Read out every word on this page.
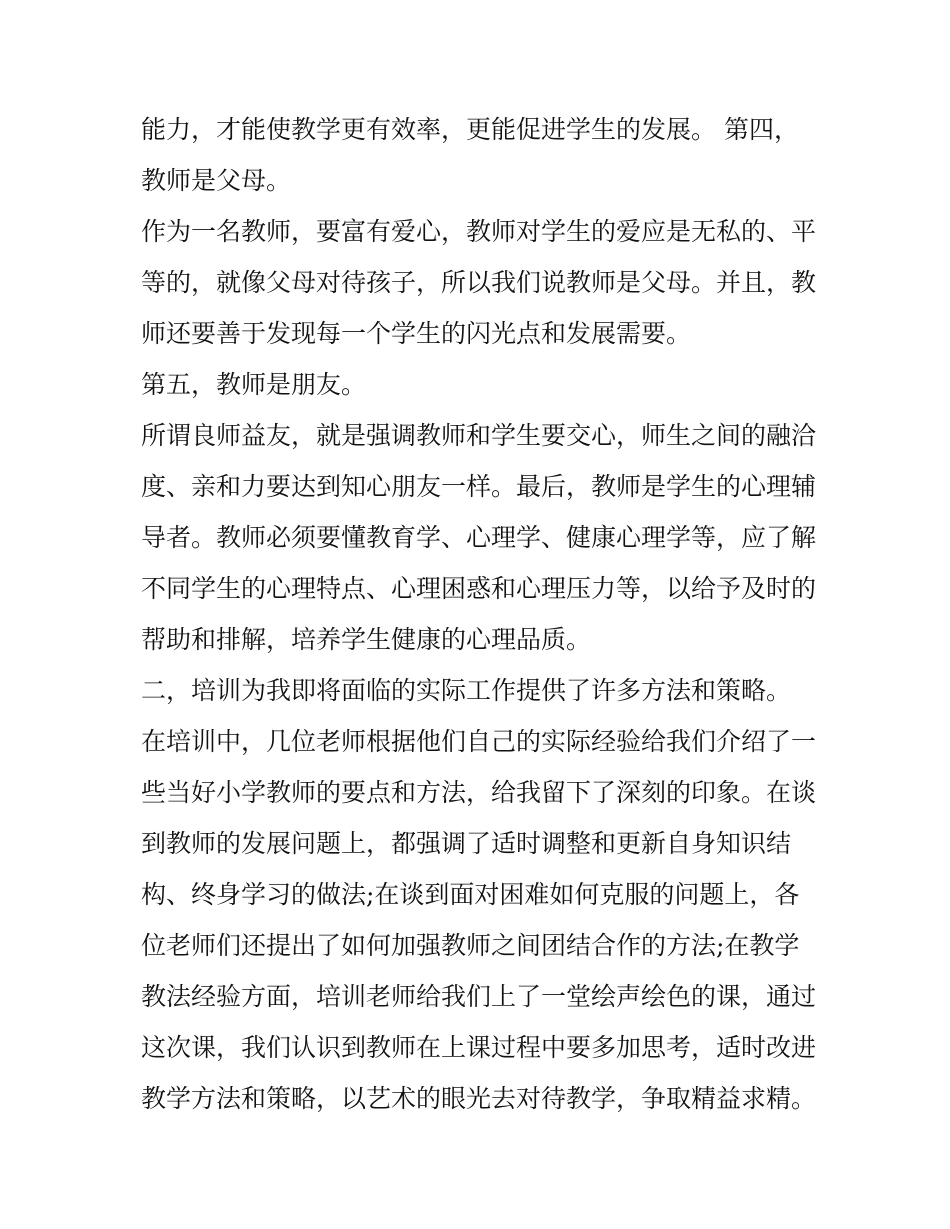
能力，才能使教学更有效率，更能促进学生的发展。 第四，

教师是父母。

作为一名教师，要富有爱心，教师对学生的爱应是无私的、平

等的，就像父母对待孩子，所以我们说教师是父母。并且，教

师还要善于发现每一个学生的闪光点和发展需要。

第五，教师是朋友。

所谓良师益友，就是强调教师和学生要交心，师生之间的融洽

度、亲和力要达到知心朋友一样。最后，教师是学生的心理辅

导者。教师必须要懂教育学、心理学、健康心理学等，应了解

不同学生的心理特点、心理困惑和心理压力等，以给予及时的

帮助和排解，培养学生健康的心理品质。

二，培训为我即将面临的实际工作提供了许多方法和策略。

在培训中，几位老师根据他们自己的实际经验给我们介绍了一

些当好小学教师的要点和方法，给我留下了深刻的印象。在谈

到教师的发展问题上，都强调了适时调整和更新自身知识结

构、终身学习的做法;在谈到面对困难如何克服的问题上，各

位老师们还提出了如何加强教师之间团结合作的方法;在教学

教法经验方面，培训老师给我们上了一堂绘声绘色的课，通过

这次课，我们认识到教师在上课过程中要多加思考，适时改进

教学方法和策略，以艺术的眼光去对待教学，争取精益求精。
